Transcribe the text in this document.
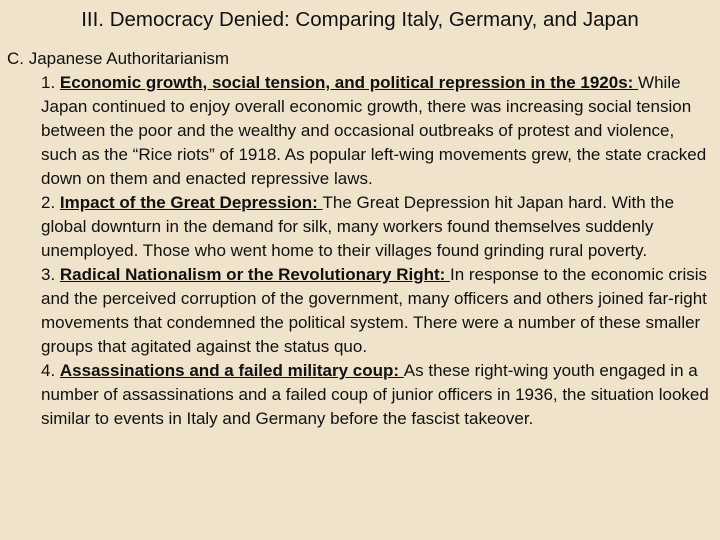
III. Democracy Denied: Comparing Italy, Germany, and Japan

C. Japanese Authoritarianism

1. Economic growth, social tension, and political repression in the 1920s: While Japan continued to enjoy overall economic growth, there was increasing social tension between the poor and the wealthy and occasional outbreaks of protest and violence, such as the “Rice riots” of 1918. As popular left-wing movements grew, the state cracked down on them and enacted repressive laws.

2. Impact of the Great Depression: The Great Depression hit Japan hard. With the global downturn in the demand for silk, many workers found themselves suddenly unemployed. Those who went home to their villages found grinding rural poverty.

3. Radical Nationalism or the Revolutionary Right: In response to the economic crisis and the perceived corruption of the government, many officers and others joined far-right movements that condemned the political system. There were a number of these smaller groups that agitated against the status quo.

4. Assassinations and a failed military coup: As these right-wing youth engaged in a number of assassinations and a failed coup of junior officers in 1936, the situation looked similar to events in Italy and Germany before the fascist takeover.
